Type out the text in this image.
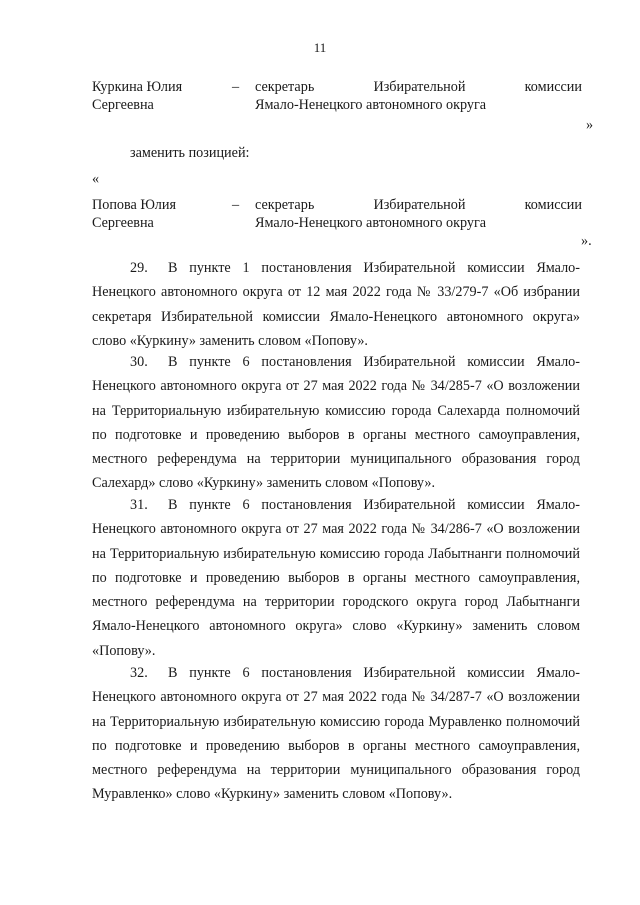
11
Куркина Юлия
Сергеевна
– секретарь	Избирательной	комиссии
Ямало-Ненецкого автономного округа
»
заменить позицией:
«
Попова Юлия
Сергеевна
– секретарь	Избирательной	комиссии
Ямало-Ненецкого автономного округа
».

29. В пункте 1 постановления Избирательной комиссии Ямало-Ненецкого автономного округа от 12 мая 2022 года № 33/279-7 «Об избрании секретаря Избирательной комиссии Ямало-Ненецкого автономного округа» слово «Куркину» заменить словом «Попову».

30. В пункте 6 постановления Избирательной комиссии Ямало-Ненецкого автономного округа от 27 мая 2022 года № 34/285-7 «О возложении на Территориальную избирательную комиссию города Салехарда полномочий по подготовке и проведению выборов в органы местного самоуправления, местного референдума на территории муниципального образования город Салехард» слово «Куркину» заменить словом «Попову».

31. В пункте 6 постановления Избирательной комиссии Ямало-Ненецкого автономного округа от 27 мая 2022 года № 34/286-7 «О возложении на Территориальную избирательную комиссию города Лабытнанги полномочий по подготовке и проведению выборов в органы местного самоуправления, местного референдума на территории городского округа город Лабытнанги Ямало-Ненецкого автономного округа» слово «Куркину» заменить словом «Попову».

32. В пункте 6 постановления Избирательной комиссии Ямало-Ненецкого автономного округа от 27 мая 2022 года № 34/287-7 «О возложении на Территориальную избирательную комиссию города Муравленко полномочий по подготовке и проведению выборов в органы местного самоуправления, местного референдума на территории муниципального образования город Муравленко» слово «Куркину» заменить словом «Попову».
